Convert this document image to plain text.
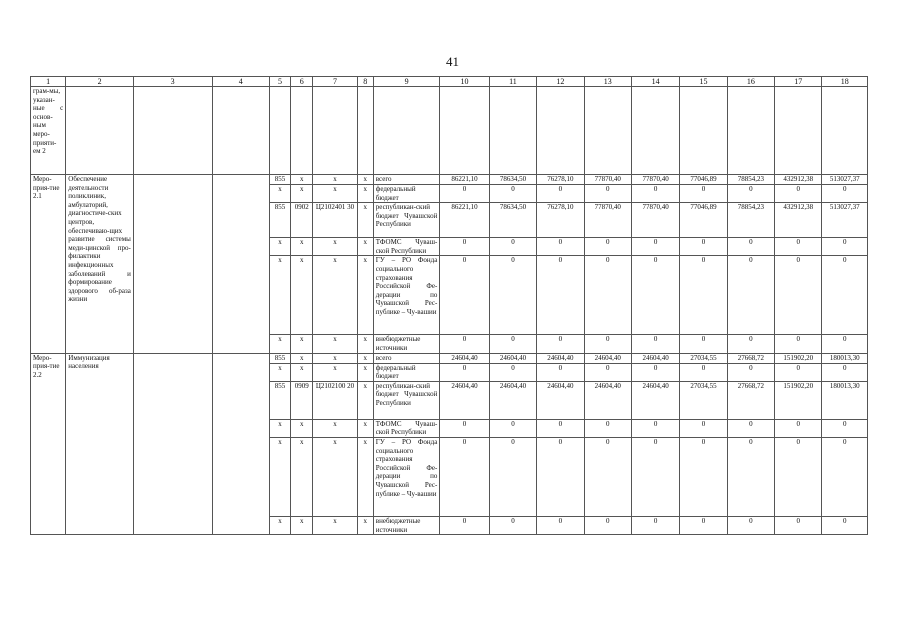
41
1	2	3	4	5	6	7	8	9	10	11	12	13	14	15	16	17	18
грам-мы, указан-ные с основ-ным меро-прияти-ем 2																	
Меро-прия-тие 2.1	Обеспечение деятельности поликлиник, амбулаторий, диагностиче-ских центров, обеспечиваю-щих развитие системы меди-цинской про-филактики инфекционных заболеваний и формирование здорового об-раза жизни			855	x	x	x	всего	86221,10	78634,50	76278,10	77870,40	77870,40	77046,89	78854,23	432912,38	513027,37
				x	x	x	x	федеральный бюджет	0	0	0	0	0	0	0	0	0
				855	0902	Ц2102401 30	x	республикан-ский бюджет Чувашской Республики	86221,10	78634,50	76278,10	77870,40	77870,40	77046,89	78854,23	432912,38	513027,37
				x	x	x	x	ТФОМС Чуваш-ской Республики	0	0	0	0	0	0	0	0	0
				x	x	x	x	ГУ – РО Фонда социального страхования Российской Фе-дерации по Чувашской Рес-публике – Чу-вашии	0	0	0	0	0	0	0	0	0
				x	x	x	x	внебюджетные источники	0	0	0	0	0	0	0	0	0
Меро-прия-тие 2.2	Иммунизация населения			855	x	x	x	всего	24604,40	24604,40	24604,40	24604,40	24604,40	27034,55	27668,72	151902,20	180013,30
				x	x	x	x	федеральный бюджет	0	0	0	0	0	0	0	0	0
				855	0909	Ц2102100 20	x	республикан-ский бюджет Чувашской Республики	24604,40	24604,40	24604,40	24604,40	24604,40	27034,55	27668,72	151902,20	180013,30
				x	x	x	x	ТФОМС Чуваш-ской Республики	0	0	0	0	0	0	0	0	0
				x	x	x	x	ГУ – РО Фонда социального страхования Российской Фе-дерации по Чувашской Рес-публике – Чу-вашии	0	0	0	0	0	0	0	0	0
				x	x	x	x	внебюджетные источники	0	0	0	0	0	0	0	0	0
